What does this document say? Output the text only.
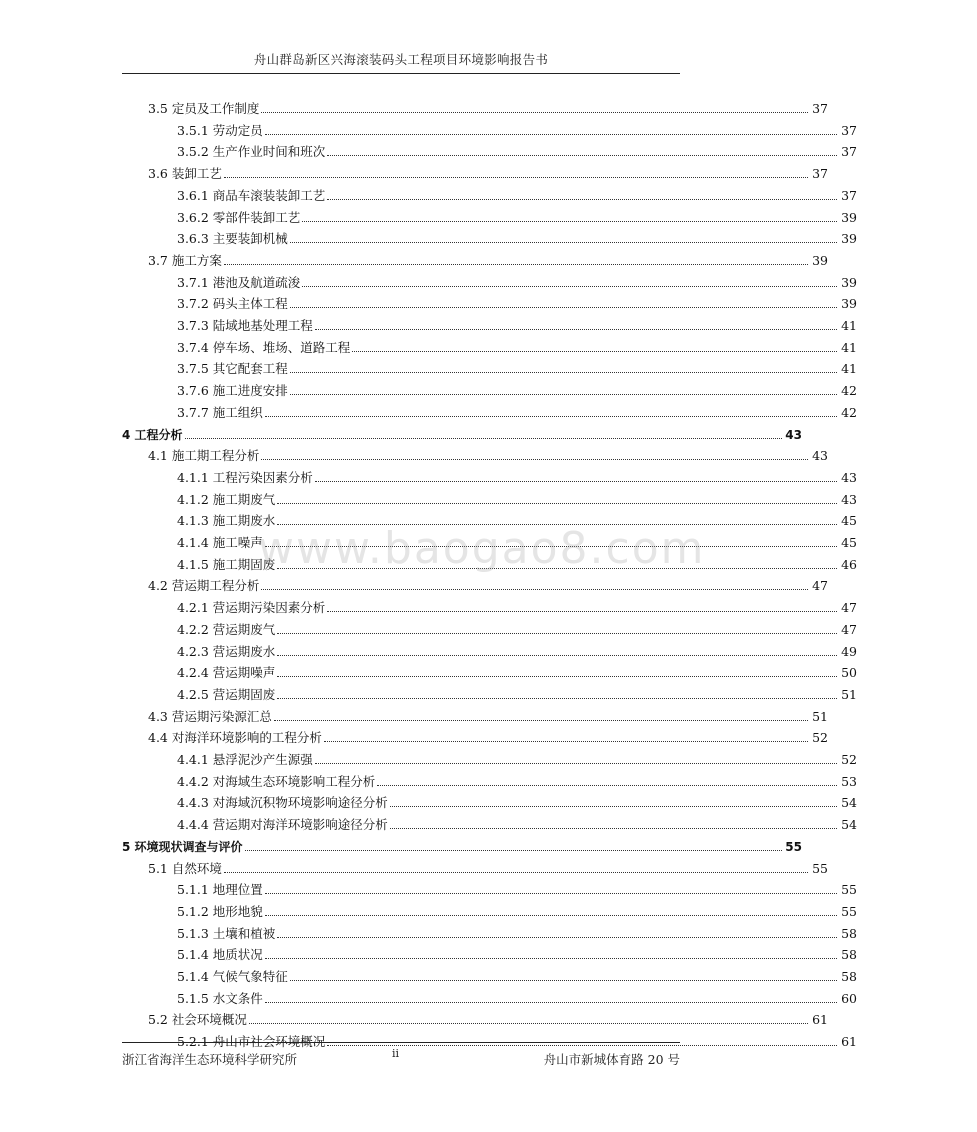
舟山群岛新区兴海滚装码头工程项目环境影响报告书
3.5 定员及工作制度	37
3.5.1 劳动定员	37
3.5.2 生产作业时间和班次	37
3.6 装卸工艺	37
3.6.1 商品车滚装装卸工艺	37
3.6.2 零部件装卸工艺	39
3.6.3 主要装卸机械	39
3.7 施工方案	39
3.7.1 港池及航道疏浚	39
3.7.2 码头主体工程	39
3.7.3 陆域地基处理工程	41
3.7.4 停车场、堆场、道路工程	41
3.7.5 其它配套工程	41
3.7.6 施工进度安排	42
3.7.7 施工组织	42
4 工程分析	43
4.1 施工期工程分析	43
4.1.1 工程污染因素分析	43
4.1.2 施工期废气	43
4.1.3 施工期废水	45
4.1.4 施工噪声	45
4.1.5 施工期固废	46
4.2 营运期工程分析	47
4.2.1 营运期污染因素分析	47
4.2.2 营运期废气	47
4.2.3 营运期废水	49
4.2.4 营运期噪声	50
4.2.5 营运期固废	51
4.3 营运期污染源汇总	51
4.4 对海洋环境影响的工程分析	52
4.4.1 悬浮泥沙产生源强	52
4.4.2 对海域生态环境影响工程分析	53
4.4.3 对海域沉积物环境影响途径分析	54
4.4.4 营运期对海洋环境影响途径分析	54
5 环境现状调查与评价	55
5.1 自然环境	55
5.1.1 地理位置	55
5.1.2 地形地貌	55
5.1.3 土壤和植被	58
5.1.4 地质状况	58
5.1.4 气候气象特征	58
5.1.5 水文条件	60
5.2 社会环境概况	61
5.2.1 舟山市社会环境概况	61
www.baogao8.com
浙江省海洋生态环境科学研究所	ii	舟山市新城体育路 20 号
